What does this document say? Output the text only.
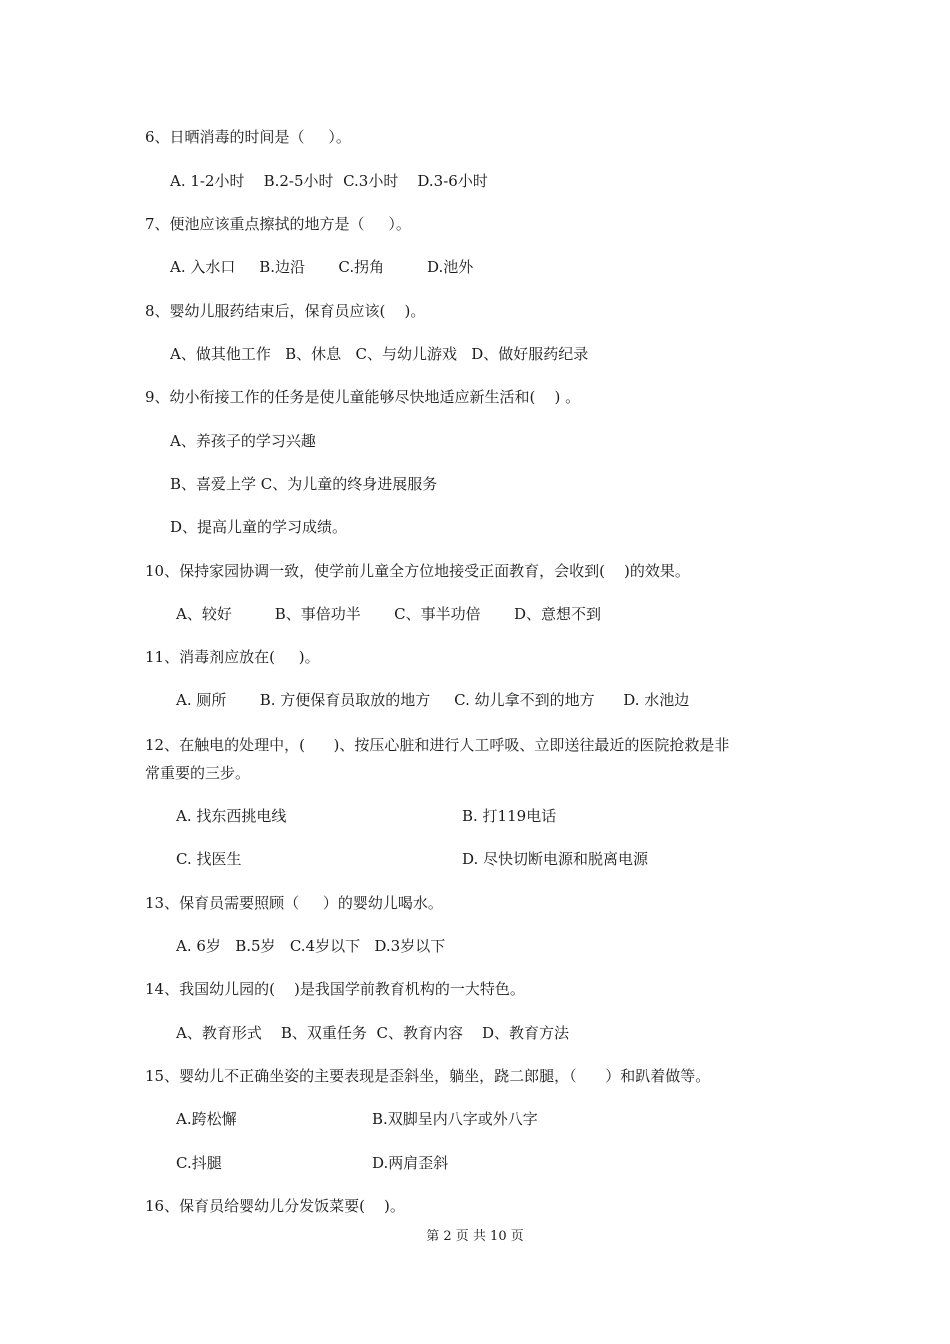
6、日晒消毒的时间是（     ）。
A. 1-2小时    B.2-5小时  C.3小时    D.3-6小时
7、便池应该重点擦拭的地方是（     ）。
A. 入水口     B.边沿       C.拐角         D.池外
8、婴幼儿服药结束后，保育员应该(    )。
A、做其他工作   B、休息   C、与幼儿游戏   D、做好服药纪录
9、幼小衔接工作的任务是使儿童能够尽快地适应新生活和(    ) 。
A、养孩子的学习兴趣
B、喜爱上学 C、为儿童的终身进展服务
D、提高儿童的学习成绩。
10、保持家园协调一致，使学前儿童全方位地接受正面教育，会收到(    )的效果。
A、较好         B、事倍功半       C、事半功倍       D、意想不到
11、消毒剂应放在(     )。
A. 厕所       B. 方便保育员取放的地方     C. 幼儿拿不到的地方      D. 水池边
12、在触电的处理中，(      )、按压心脏和进行人工呼吸、立即送往最近的医院抢救是非
常重要的三步。
A. 找东西挑电线	B. 打119电话
C. 找医生	D. 尽快切断电源和脱离电源
13、保育员需要照顾（     ）的婴幼儿喝水。
A. 6岁   B.5岁   C.4岁以下   D.3岁以下
14、我国幼儿园的(    )是我国学前教育机构的一大特色。
A、教育形式    B、双重任务  C、教育内容    D、教育方法
15、婴幼儿不正确坐姿的主要表现是歪斜坐，躺坐，跷二郎腿，（      ）和趴着做等。
A.跨松懈	B.双脚呈内八字或外八字
C.抖腿	D.两肩歪斜
16、保育员给婴幼儿分发饭菜要(    )。
第 2 页 共 10 页
